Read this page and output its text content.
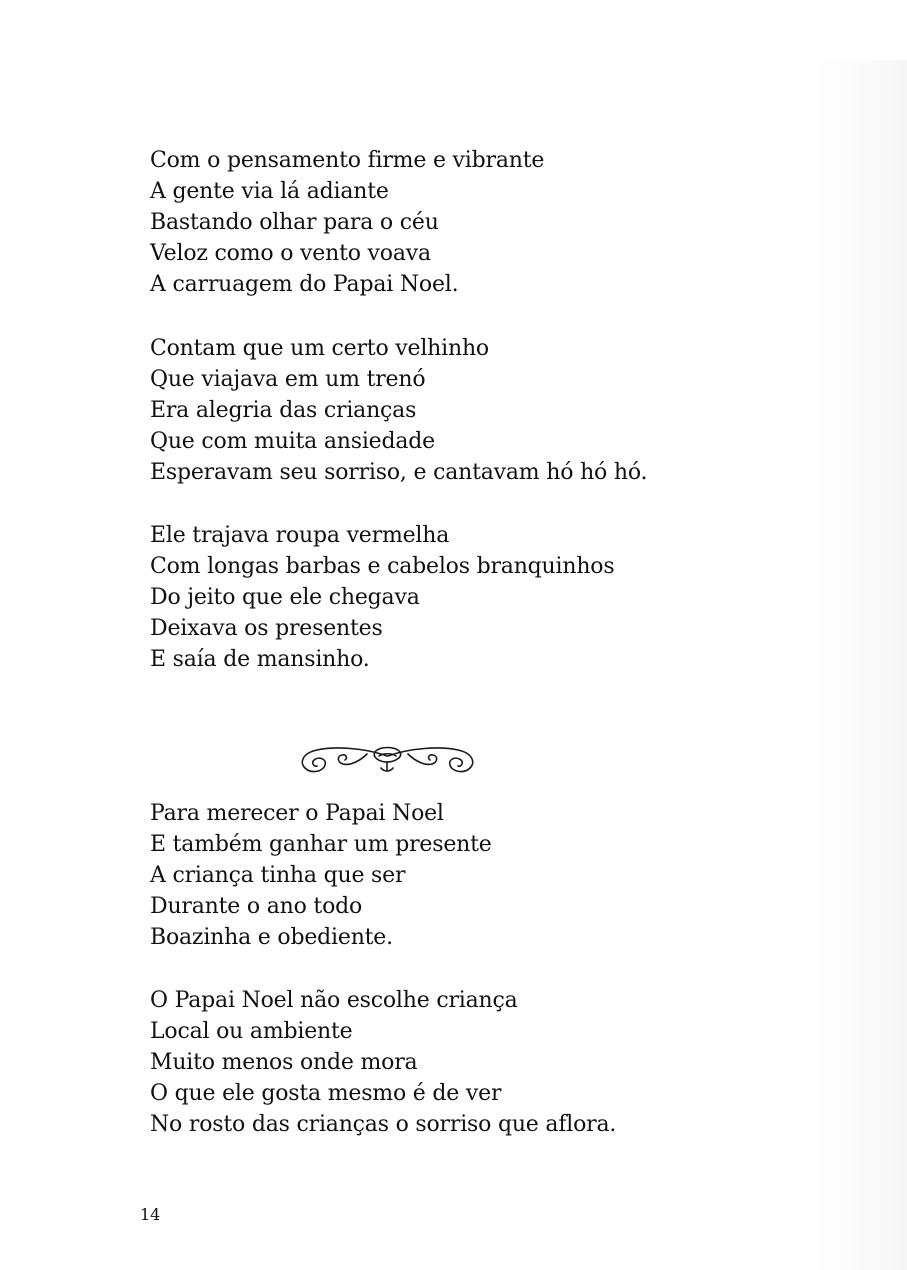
Com o pensamento firme e vibrante
A gente via lá adiante
Bastando olhar para o céu
Veloz como o vento voava
A carruagem do Papai Noel.
Contam que um certo velhinho
Que viajava em um trenó
Era alegria das crianças
Que com muita ansiedade
Esperavam seu sorriso, e cantavam hó hó hó.
Ele trajava roupa vermelha
Com longas barbas e cabelos branquinhos
Do jeito que ele chegava
Deixava os presentes
E saía de mansinho.
Para merecer o Papai Noel
E também ganhar um presente
A criança tinha que ser
Durante o ano todo
Boazinha e obediente.
O Papai Noel não escolhe criança
Local ou ambiente
Muito menos onde mora
O que ele gosta mesmo é de ver
No rosto das crianças o sorriso que aflora.
14
